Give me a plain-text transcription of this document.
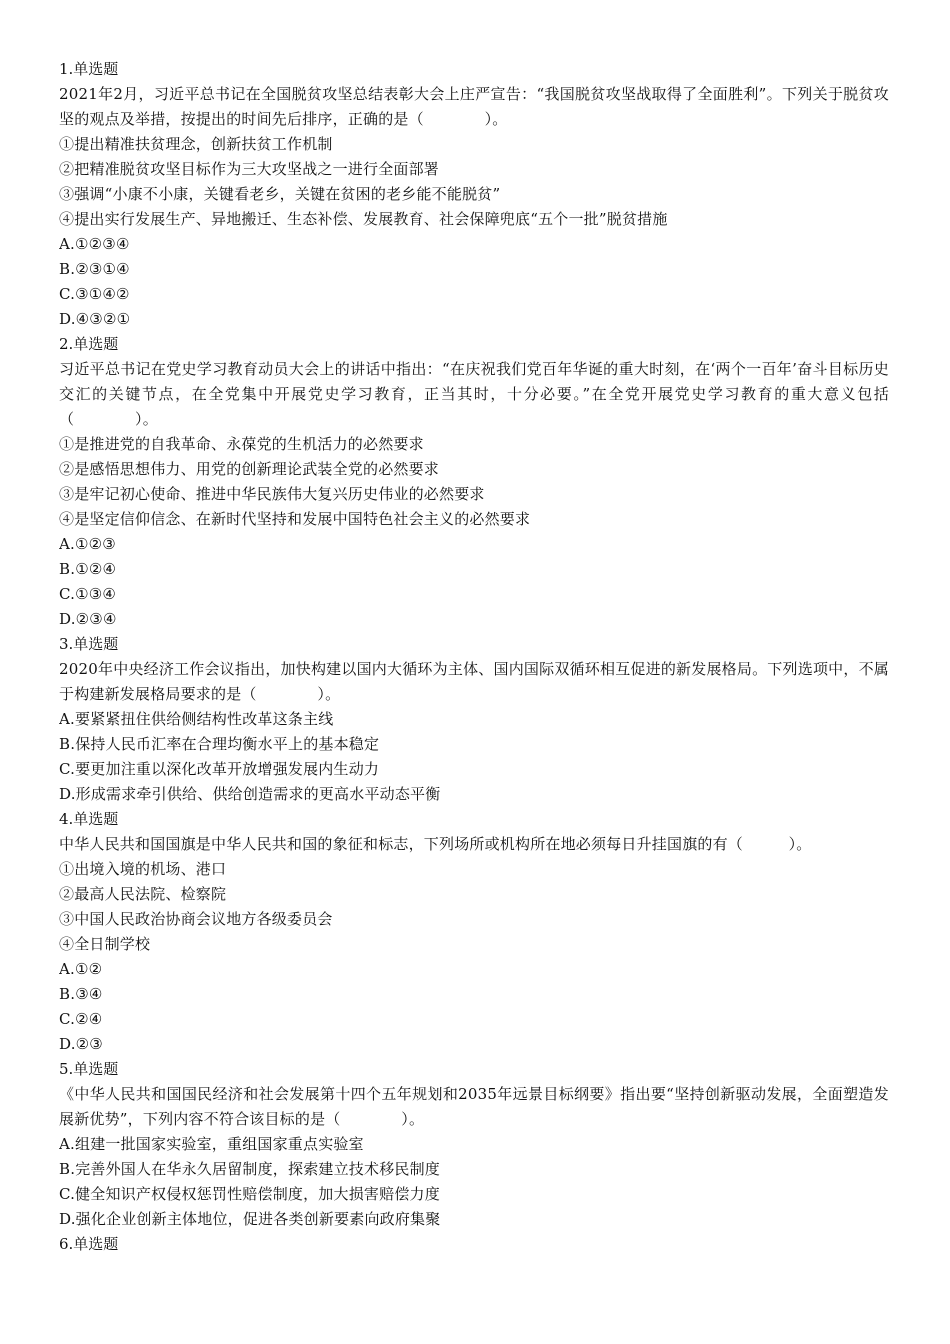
1.单选题
2021年2月，习近平总书记在全国脱贫攻坚总结表彰大会上庄严宣告：“我国脱贫攻坚战取得了全面胜利”。下列关于脱贫攻坚的观点及举措，按提出的时间先后排序，正确的是（　　　　）。
①提出精准扶贫理念，创新扶贫工作机制
②把精准脱贫攻坚目标作为三大攻坚战之一进行全面部署
③强调“小康不小康，关键看老乡，关键在贫困的老乡能不能脱贫”
④提出实行发展生产、异地搬迁、生态补偿、发展教育、社会保障兜底“五个一批”脱贫措施
A.①②③④
B.②③①④
C.③①④②
D.④③②①
2.单选题
习近平总书记在党史学习教育动员大会上的讲话中指出：“在庆祝我们党百年华诞的重大时刻，在‘两个一百年’奋斗目标历史交汇的关键节点，在全党集中开展党史学习教育，正当其时，十分必要。”在全党开展党史学习教育的重大意义包括（　　　　）。
①是推进党的自我革命、永葆党的生机活力的必然要求
②是感悟思想伟力、用党的创新理论武装全党的必然要求
③是牢记初心使命、推进中华民族伟大复兴历史伟业的必然要求
④是坚定信仰信念、在新时代坚持和发展中国特色社会主义的必然要求
A.①②③
B.①②④
C.①③④
D.②③④
3.单选题
2020年中央经济工作会议指出，加快构建以国内大循环为主体、国内国际双循环相互促进的新发展格局。下列选项中，不属于构建新发展格局要求的是（　　　　）。
A.要紧紧扭住供给侧结构性改革这条主线
B.保持人民币汇率在合理均衡水平上的基本稳定
C.要更加注重以深化改革开放增强发展内生动力
D.形成需求牵引供给、供给创造需求的更高水平动态平衡
4.单选题
中华人民共和国国旗是中华人民共和国的象征和标志，下列场所或机构所在地必须每日升挂国旗的有（　　　）。
①出境入境的机场、港口
②最高人民法院、检察院
③中国人民政治协商会议地方各级委员会
④全日制学校
A.①②
B.③④
C.②④
D.②③
5.单选题
《中华人民共和国国民经济和社会发展第十四个五年规划和2035年远景目标纲要》指出要“坚持创新驱动发展，全面塑造发展新优势”，下列内容不符合该目标的是（　　　　）。
A.组建一批国家实验室，重组国家重点实验室
B.完善外国人在华永久居留制度，探索建立技术移民制度
C.健全知识产权侵权惩罚性赔偿制度，加大损害赔偿力度
D.强化企业创新主体地位，促进各类创新要素向政府集聚
6.单选题
